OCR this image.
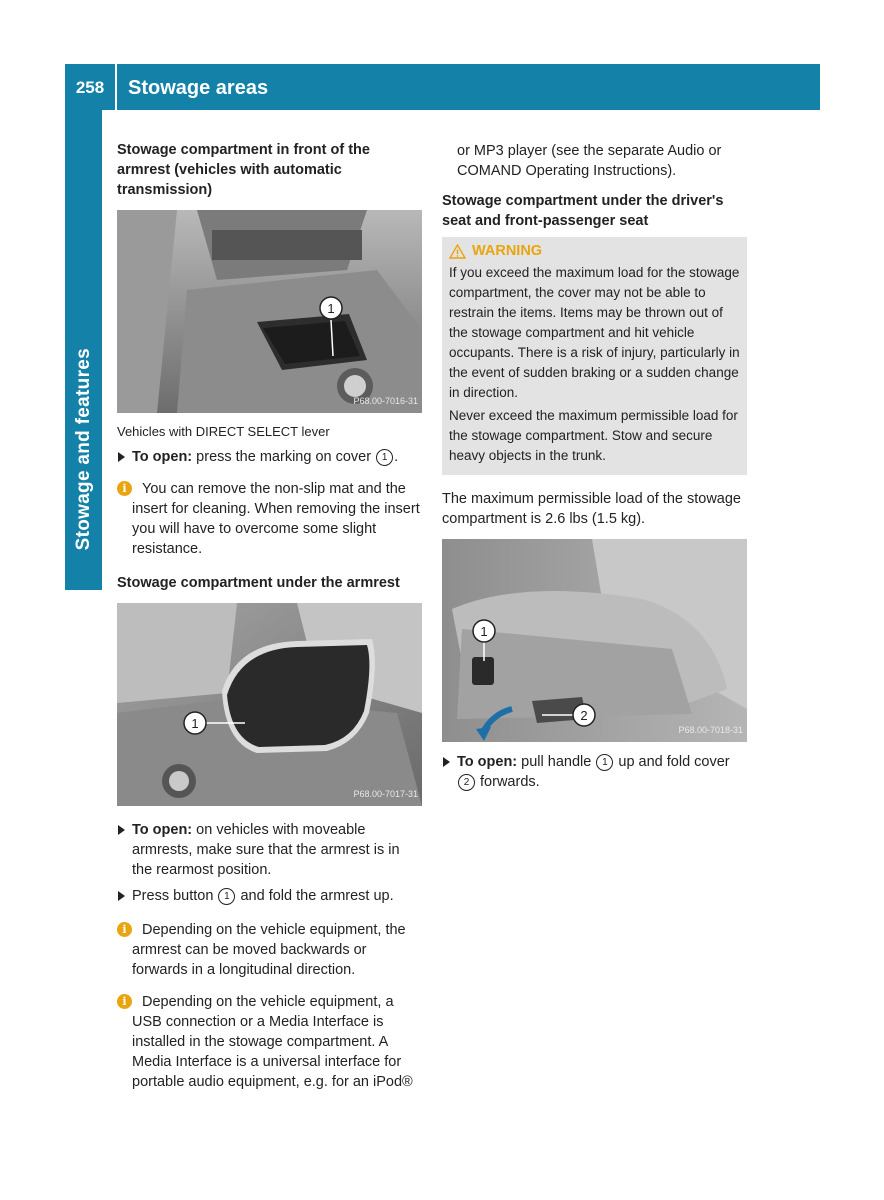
258	Stowage areas
Stowage and features
Stowage compartment in front of the armrest (vehicles with automatic transmission)
1
P68.00-7016-31
Vehicles with DIRECT SELECT lever
To open: press the marking on cover 1 .
i	You can remove the non-slip mat and the insert for cleaning. When removing the insert you will have to overcome some slight resistance.
Stowage compartment under the armrest
1
P68.00-7017-31
To open: on vehicles with moveable armrests, make sure that the armrest is in the rearmost position.
Press button 1 and fold the armrest up.
i	Depending on the vehicle equipment, the armrest can be moved backwards or forwards in a longitudinal direction.
i	Depending on the vehicle equipment, a USB connection or a Media Interface is installed in the stowage compartment. A Media Interface is a universal interface for portable audio equipment, e.g. for an iPod®
or MP3 player (see the separate Audio or COMAND Operating Instructions).
Stowage compartment under the driver's seat and front-passenger seat
WARNING

If you exceed the maximum load for the stowage compartment, the cover may not be able to restrain the items. Items may be thrown out of the stowage compartment and hit vehicle occupants. There is a risk of injury, particularly in the event of sudden braking or a sudden change in direction.

Never exceed the maximum permissible load for the stowage compartment. Stow and secure heavy objects in the trunk.

The maximum permissible load of the stowage compartment is 2.6 lbs (1.5 kg).

1
2
P68.00-7018-31
To open: pull handle 1 up and fold cover 2 forwards.
